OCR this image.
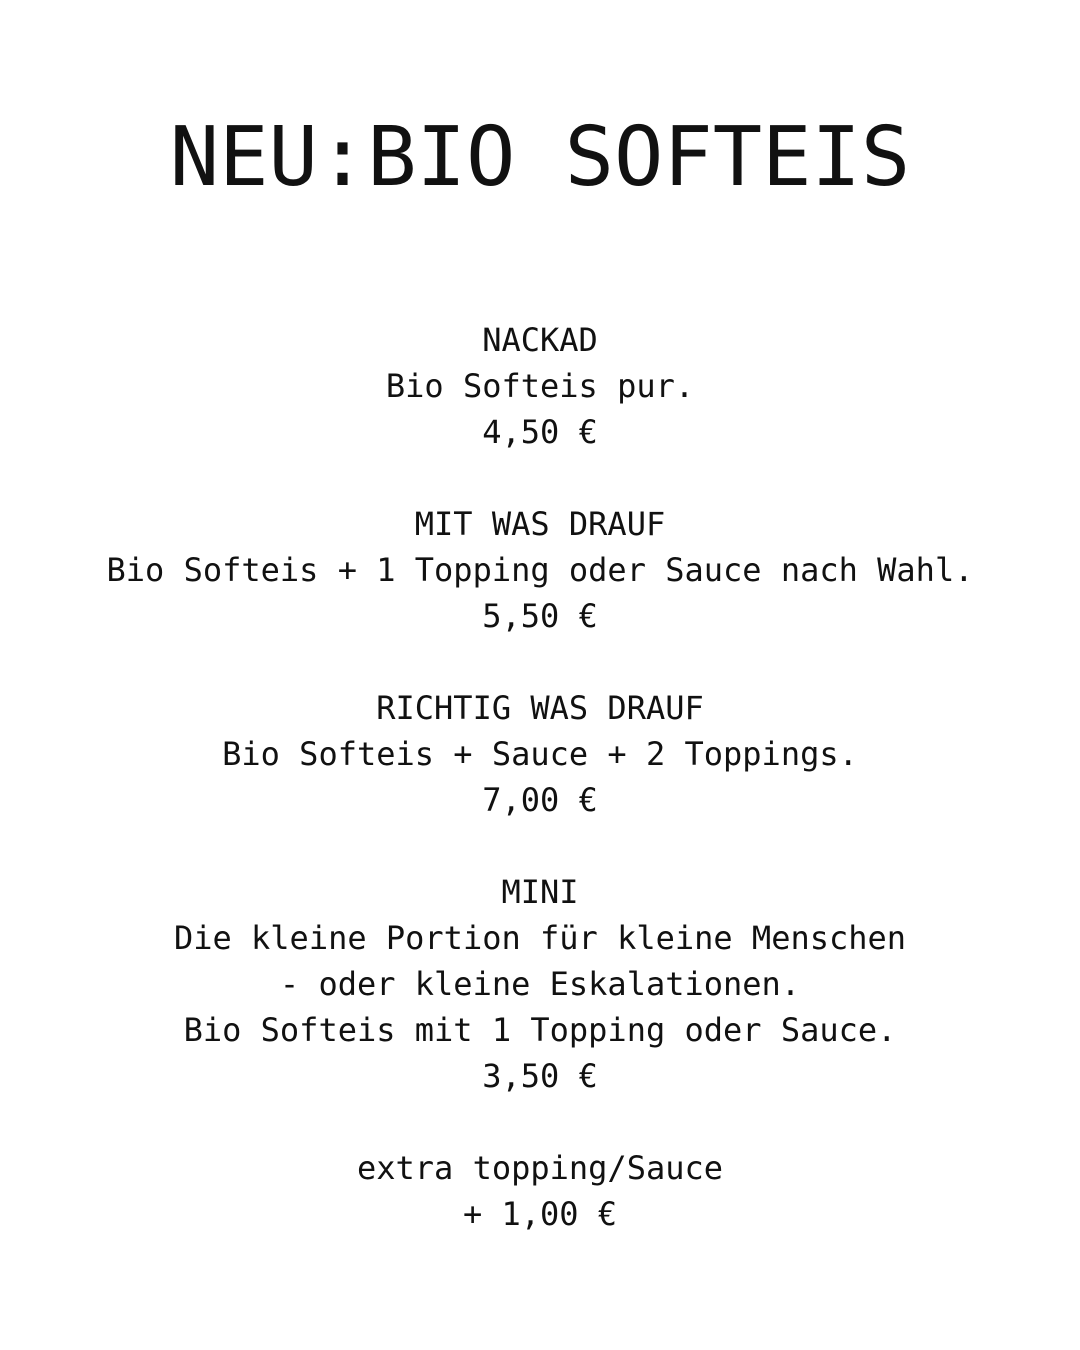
NEU:BIO SOFTEIS
NACKAD
Bio Softeis pur.
4,50 €
MIT WAS DRAUF
Bio Softeis + 1 Topping oder Sauce nach Wahl.
5,50 €
RICHTIG WAS DRAUF
Bio Softeis + Sauce + 2 Toppings.
7,00 €
MINI
Die kleine Portion für kleine Menschen
- oder kleine Eskalationen.
Bio Softeis mit 1 Topping oder Sauce.
3,50 €
extra topping/Sauce
+ 1,00 €
